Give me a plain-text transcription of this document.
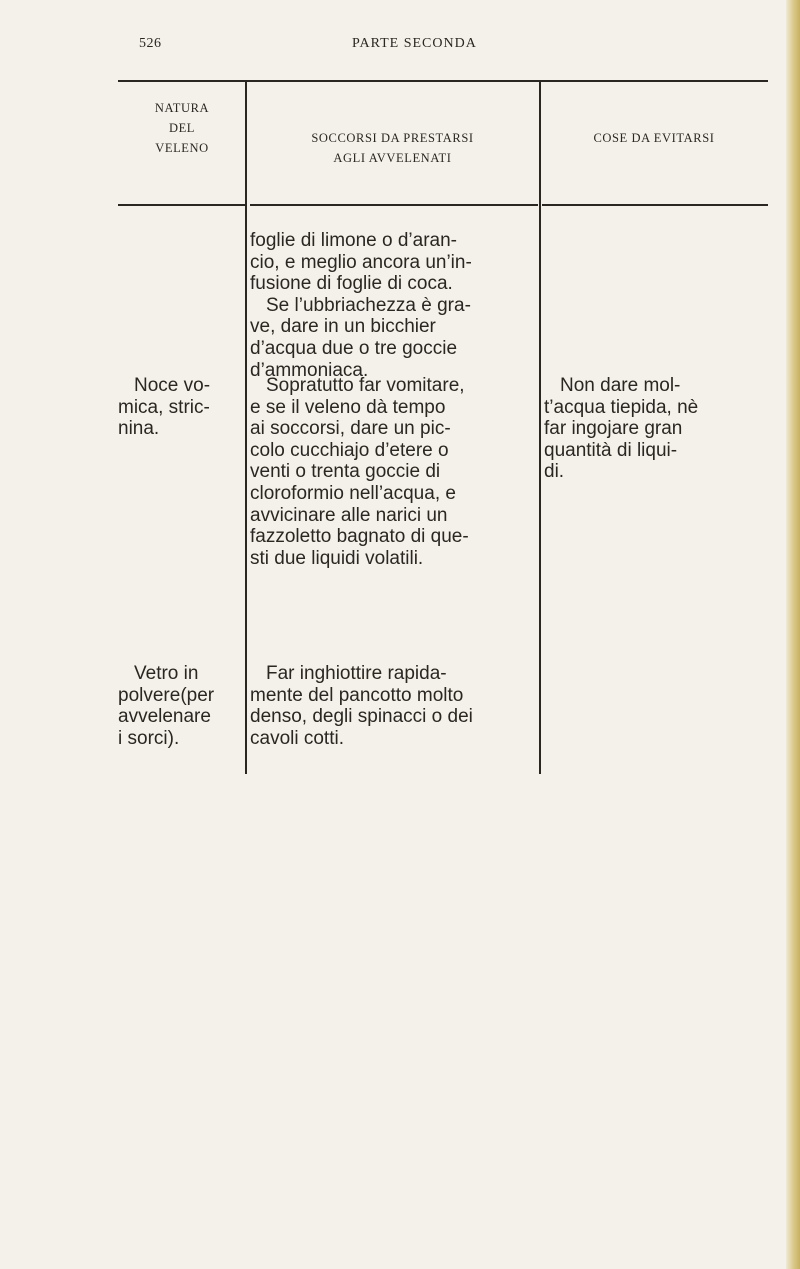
526	PARTE SECONDA
NATURA
DEL
VELENO
SOCCORSI DA PRESTARSI
AGLI AVVELENATI
COSE DA EVITARSI
foglie di limone o d’aran-
cio, e meglio ancora un’in-
fusione di foglie di coca.
Se l’ubbriachezza è gra-
ve, dare in un bicchier
d’acqua due o tre goccie
d’ammoniaca.
Noce vo-
mica, stric-
nina.
Sopratutto far vomitare,
e se il veleno dà tempo
ai soccorsi, dare un pic-
colo cucchiajo d’etere o
venti o trenta goccie di
cloroformio nell’acqua, e
avvicinare alle narici un
fazzoletto bagnato di que-
sti due liquidi volatili.
Non dare mol-
t’acqua tiepida, nè
far ingojare gran
quantità di liqui-
di.
Vetro in
polvere(per
avvelenare
i sorci).
Far inghiottire rapida-
mente del pancotto molto
denso, degli spinacci o dei
cavoli cotti.
